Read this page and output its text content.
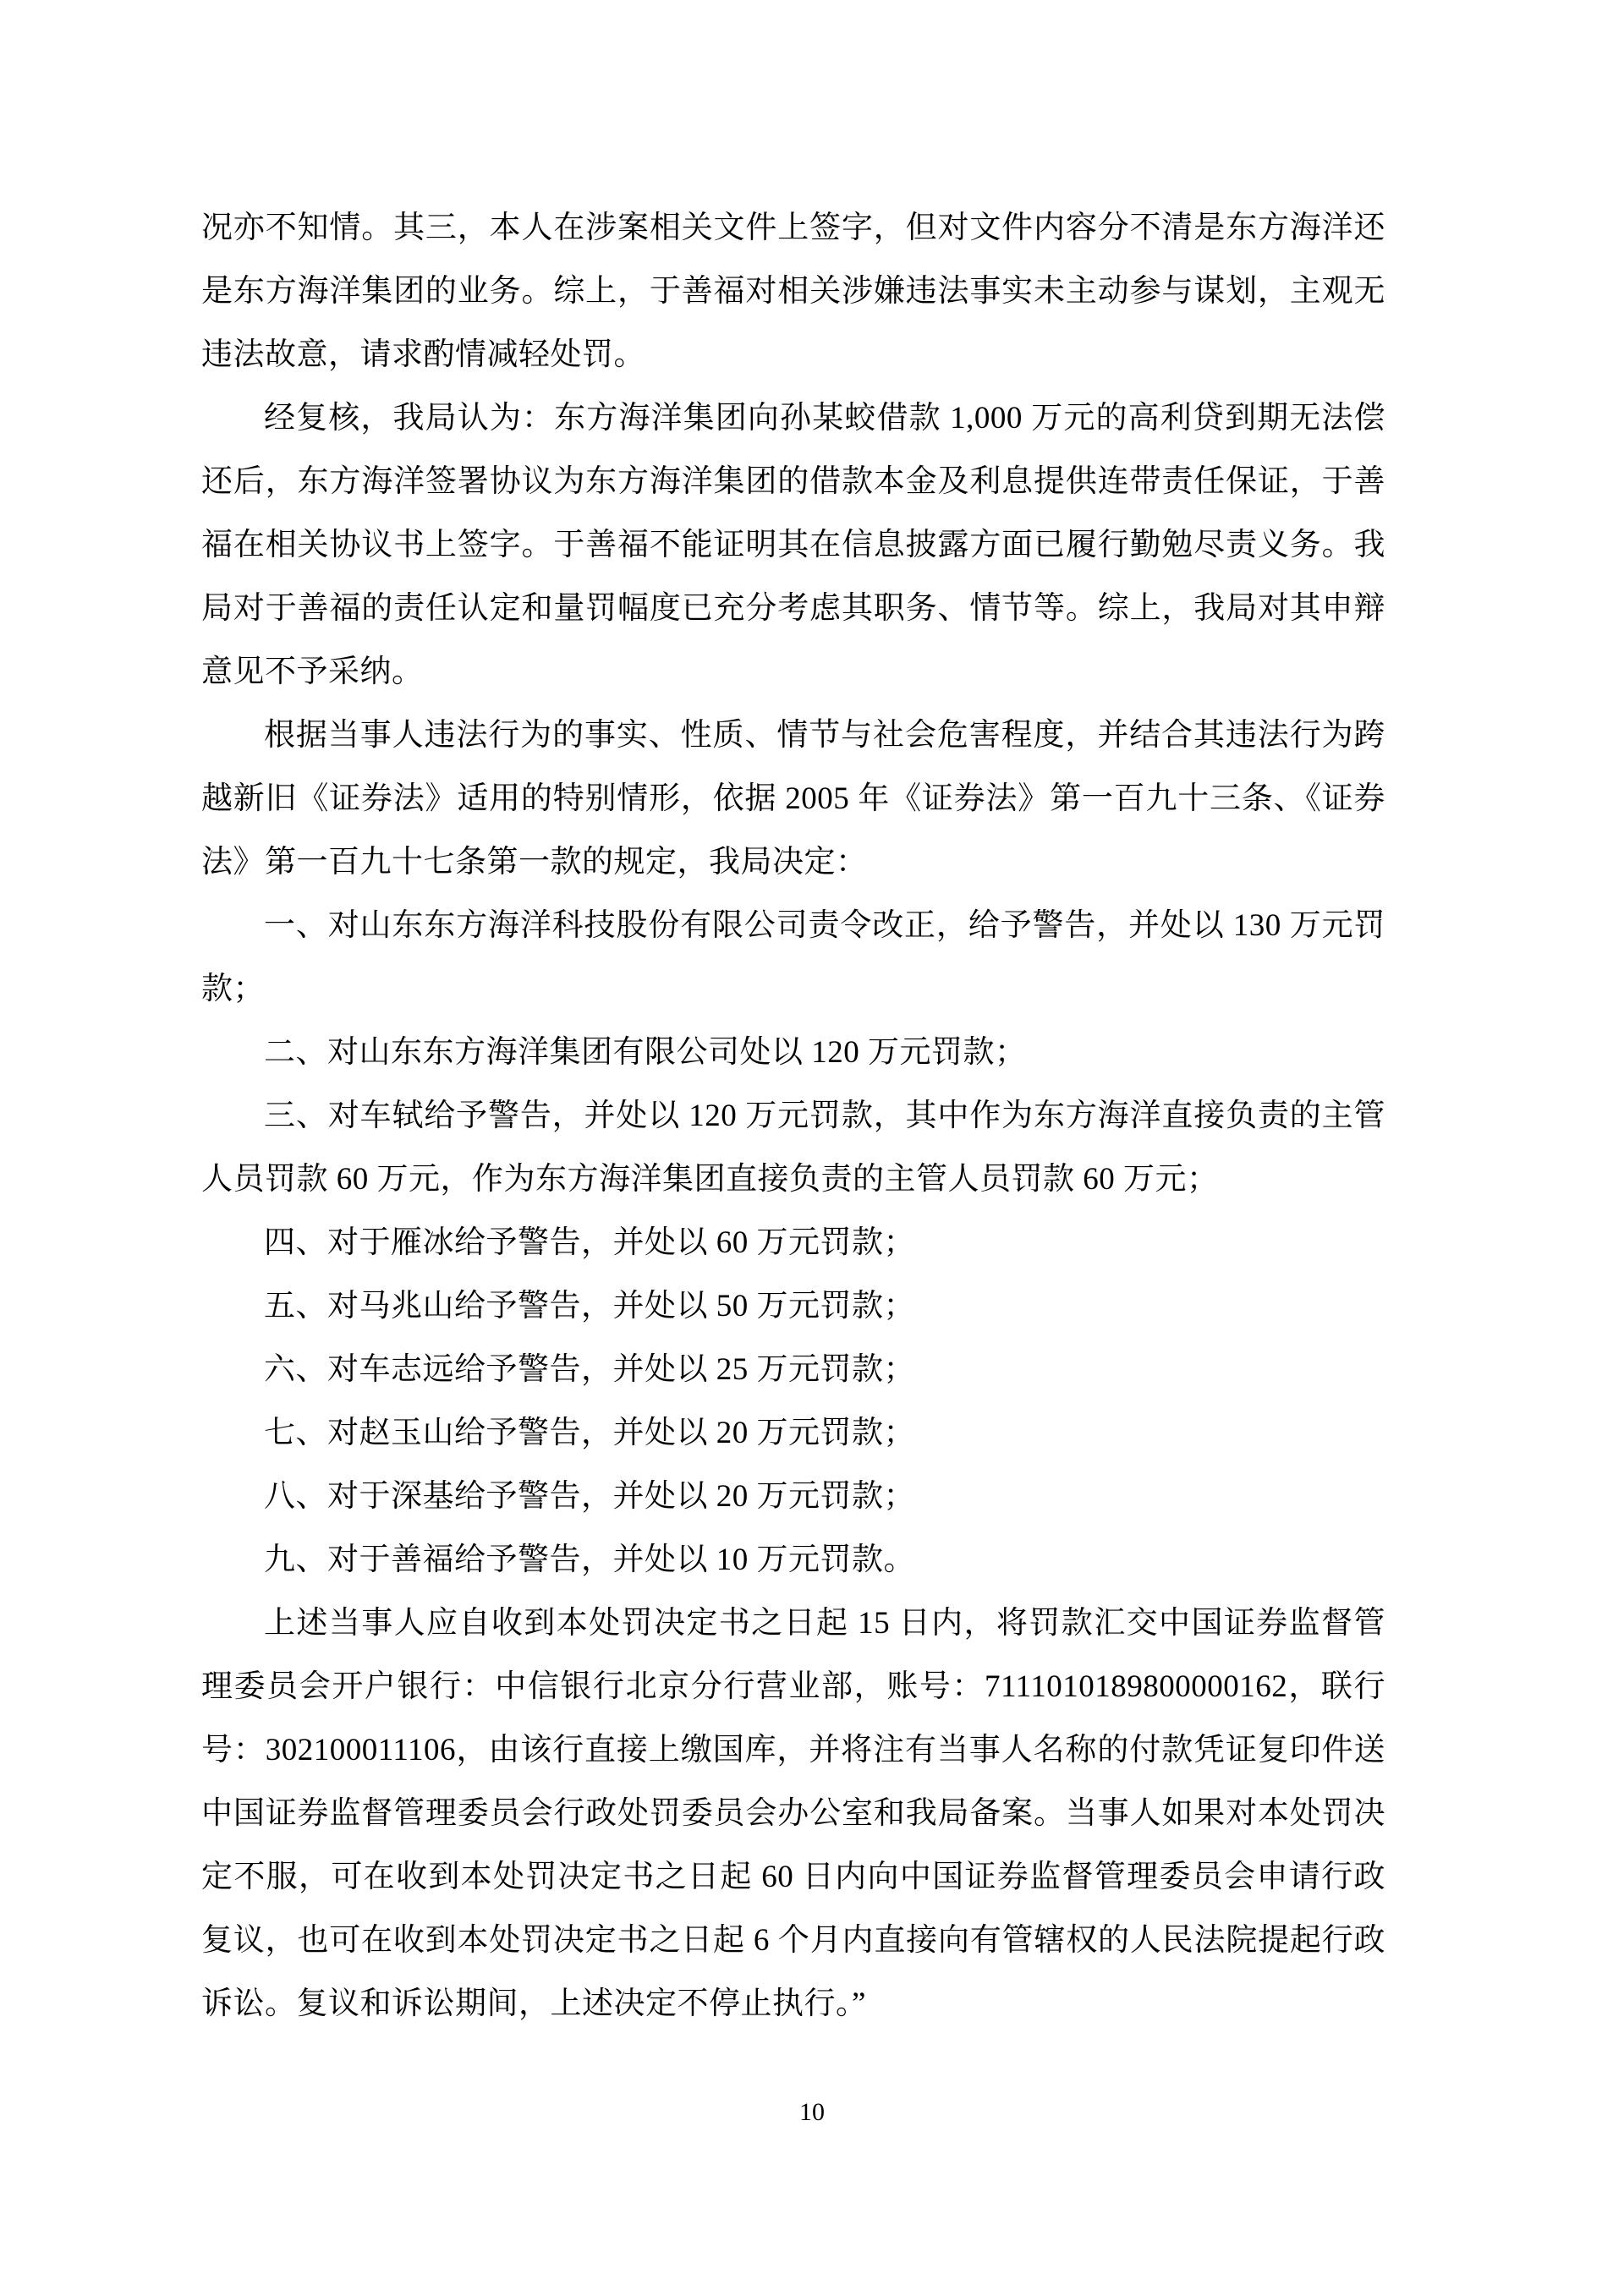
况亦不知情。其三，本人在涉案相关文件上签字，但对文件内容分不清是东方海洋还是东方海洋集团的业务。综上，于善福对相关涉嫌违法事实未主动参与谋划，主观无违法故意，请求酌情减轻处罚。

经复核，我局认为：东方海洋集团向孙某蛟借款 1,000 万元的高利贷到期无法偿还后，东方海洋签署协议为东方海洋集团的借款本金及利息提供连带责任保证，于善福在相关协议书上签字。于善福不能证明其在信息披露方面已履行勤勉尽责义务。我局对于善福的责任认定和量罚幅度已充分考虑其职务、情节等。综上，我局对其申辩意见不予采纳。

根据当事人违法行为的事实、性质、情节与社会危害程度，并结合其违法行为跨越新旧《证券法》适用的特别情形，依据 2005 年《证券法》第一百九十三条、《证券法》第一百九十七条第一款的规定，我局决定：

一、对山东东方海洋科技股份有限公司责令改正，给予警告，并处以 130 万元罚款；

二、对山东东方海洋集团有限公司处以 120 万元罚款；

三、对车轼给予警告，并处以 120 万元罚款，其中作为东方海洋直接负责的主管人员罚款 60 万元，作为东方海洋集团直接负责的主管人员罚款 60 万元；

四、对于雁冰给予警告，并处以 60 万元罚款；

五、对马兆山给予警告，并处以 50 万元罚款；

六、对车志远给予警告，并处以 25 万元罚款；

七、对赵玉山给予警告，并处以 20 万元罚款；

八、对于深基给予警告，并处以 20 万元罚款；

九、对于善福给予警告，并处以 10 万元罚款。

上述当事人应自收到本处罚决定书之日起 15 日内，将罚款汇交中国证券监督管理委员会开户银行：中信银行北京分行营业部，账号：7111010189800000162，联行号：302100011106，由该行直接上缴国库，并将注有当事人名称的付款凭证复印件送中国证券监督管理委员会行政处罚委员会办公室和我局备案。当事人如果对本处罚决定不服，可在收到本处罚决定书之日起 60 日内向中国证券监督管理委员会申请行政复议，也可在收到本处罚决定书之日起 6 个月内直接向有管辖权的人民法院提起行政诉讼。复议和诉讼期间，上述决定不停止执行。”

10
